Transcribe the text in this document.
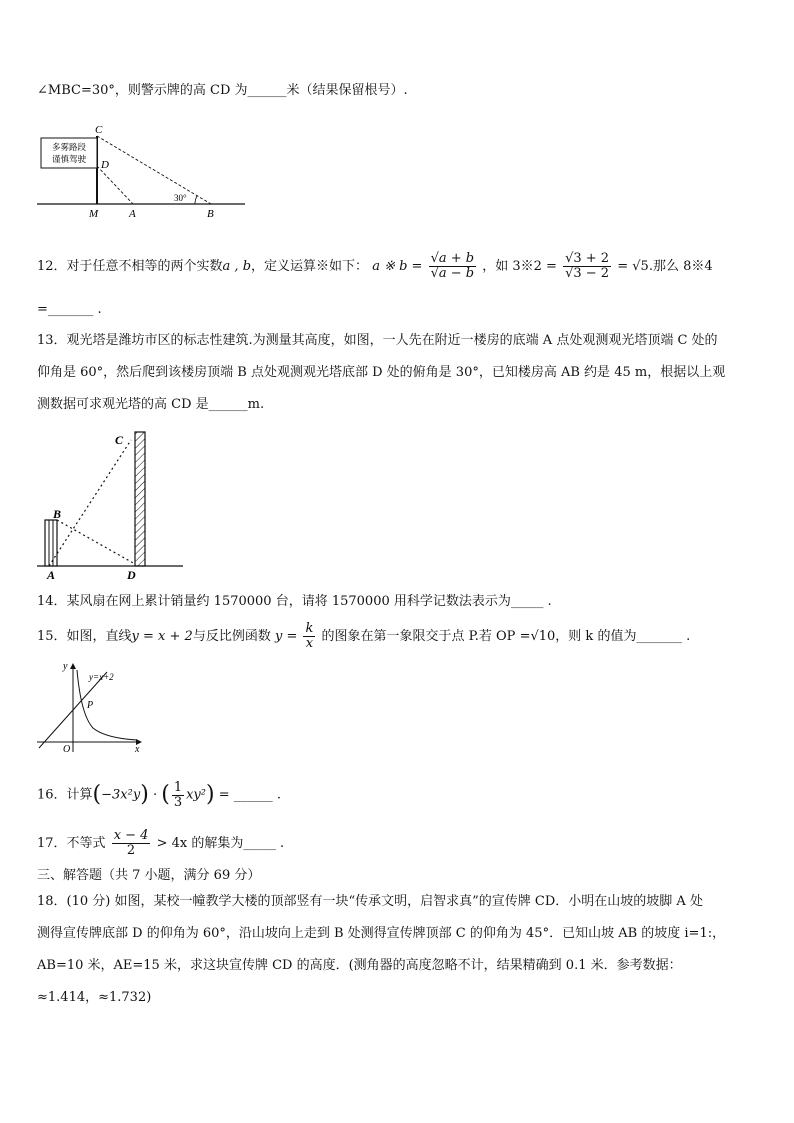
∠MBC=30°，则警示牌的高 CD 为______米（结果保留根号）.
多雾路段
谨慎驾驶
C
D
M	A	B
30°
12．对于任意不相等的两个实数a , b，定义运算※如下： a ※ $b = \frac{√a + b}{√a - b}$ ，如 3※2 = $\frac{√3 + 2}{√3 - 2} = √5$.那么 8※4
=_______ .
13．观光塔是潍坊市区的标志性建筑.为测量其高度，如图，一人先在附近一楼房的底端 A 点处观测观光塔顶端 C 处的
仰角是 60°，然后爬到该楼房顶端 B 点处观测观光塔底部 D 处的俯角是 30°，已知楼房高 AB 约是 45 m，根据以上观
测数据可求观光塔的高 CD 是______m.
B
A
C
D
14．某风扇在网上累计销量约 1570000 台，请将 1570000 用科学记数法表示为_____ .
15．如图，直线y = x + 2与反比例函数 $y = \frac{k}{x}$ 的图象在第一象限交于点 P.若 OP =√10，则 k 的值为_______ .
y
x
O
P
y=x+2
16．计算(−3x²y) · ( $\frac{1}{3} xy^2$) = ______ .
17．不等式 $\frac{x - 4}{2} > 4x$ 的解集为_____ .
三、解答题（共 7 小题，满分 69 分）
18．(10 分) 如图，某校一幢教学大楼的顶部竖有一块“传承文明，启智求真”的宣传牌 CD．小明在山坡的坡脚 A 处
测得宣传牌底部 D 的仰角为 60°，沿山坡向上走到 B 处测得宣传牌顶部 C 的仰角为 45°．已知山坡 AB 的坡度 i=1:，
AB=10 米，AE=15 米，求这块宣传牌 CD 的高度．(测角器的高度忽略不计，结果精确到 0.1 米．参考数据：
≈1.414，≈1.732)
